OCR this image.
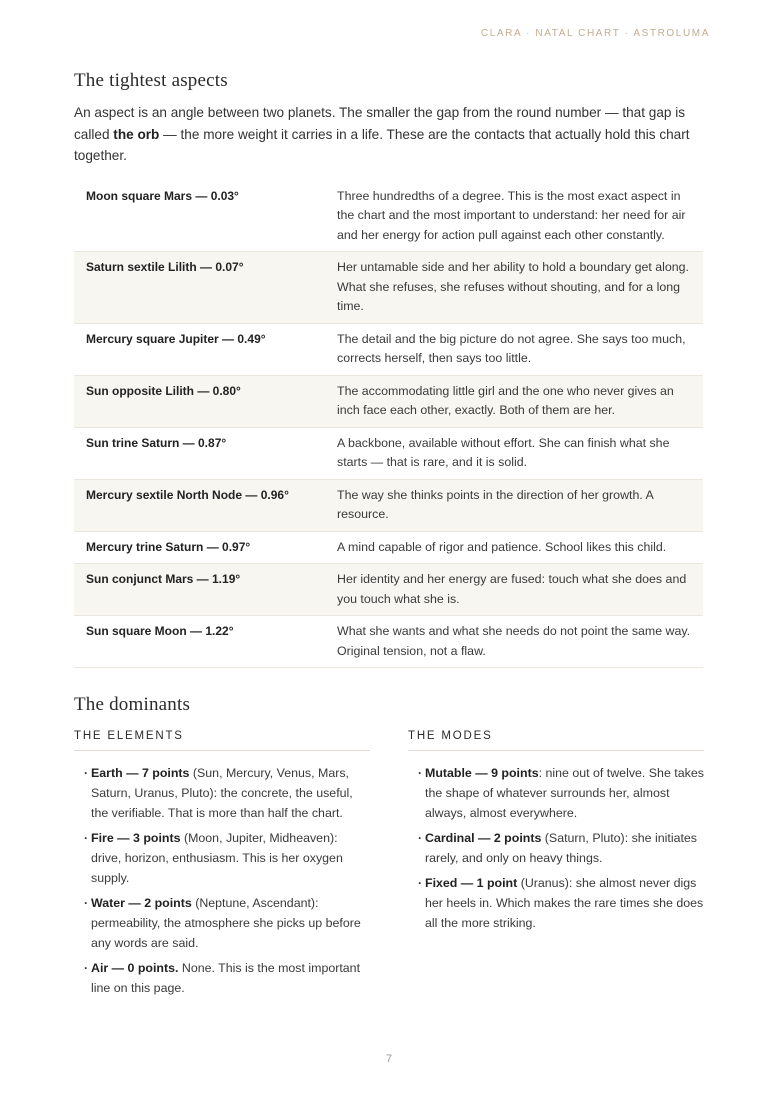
CLARA · NATAL CHART · ASTROLUMA
The tightest aspects

An aspect is an angle between two planets. The smaller the gap from the round number — that gap is called the orb — the more weight it carries in a life. These are the contacts that actually hold this chart together.

Moon square Mars — 0.03°	Three hundredths of a degree. This is the most exact aspect in the chart and the most important to understand: her need for air and her energy for action pull against each other constantly.
Saturn sextile Lilith — 0.07°	Her untamable side and her ability to hold a boundary get along. What she refuses, she refuses without shouting, and for a long time.
Mercury square Jupiter — 0.49°	The detail and the big picture do not agree. She says too much, corrects herself, then says too little.
Sun opposite Lilith — 0.80°	The accommodating little girl and the one who never gives an inch face each other, exactly. Both of them are her.
Sun trine Saturn — 0.87°	A backbone, available without effort. She can finish what she starts — that is rare, and it is solid.
Mercury sextile North Node — 0.96°	The way she thinks points in the direction of her growth. A resource.
Mercury trine Saturn — 0.97°	A mind capable of rigor and patience. School likes this child.
Sun conjunct Mars — 1.19°	Her identity and her energy are fused: touch what she does and you touch what she is.
Sun square Moon — 1.22°	What she wants and what she needs do not point the same way. Original tension, not a flaw.
The dominants
THE ELEMENTS
· Earth — 7 points (Sun, Mercury, Venus, Mars, Saturn, Uranus, Pluto): the concrete, the useful, the verifiable. That is more than half the chart.
· Fire — 3 points (Moon, Jupiter, Midheaven): drive, horizon, enthusiasm. This is her oxygen supply.
· Water — 2 points (Neptune, Ascendant): permeability, the atmosphere she picks up before any words are said.
· Air — 0 points. None. This is the most important line on this page.
THE MODES
· Mutable — 9 points: nine out of twelve. She takes the shape of whatever surrounds her, almost always, almost everywhere.
· Cardinal — 2 points (Saturn, Pluto): she initiates rarely, and only on heavy things.
· Fixed — 1 point (Uranus): she almost never digs her heels in. Which makes the rare times she does all the more striking.
7
